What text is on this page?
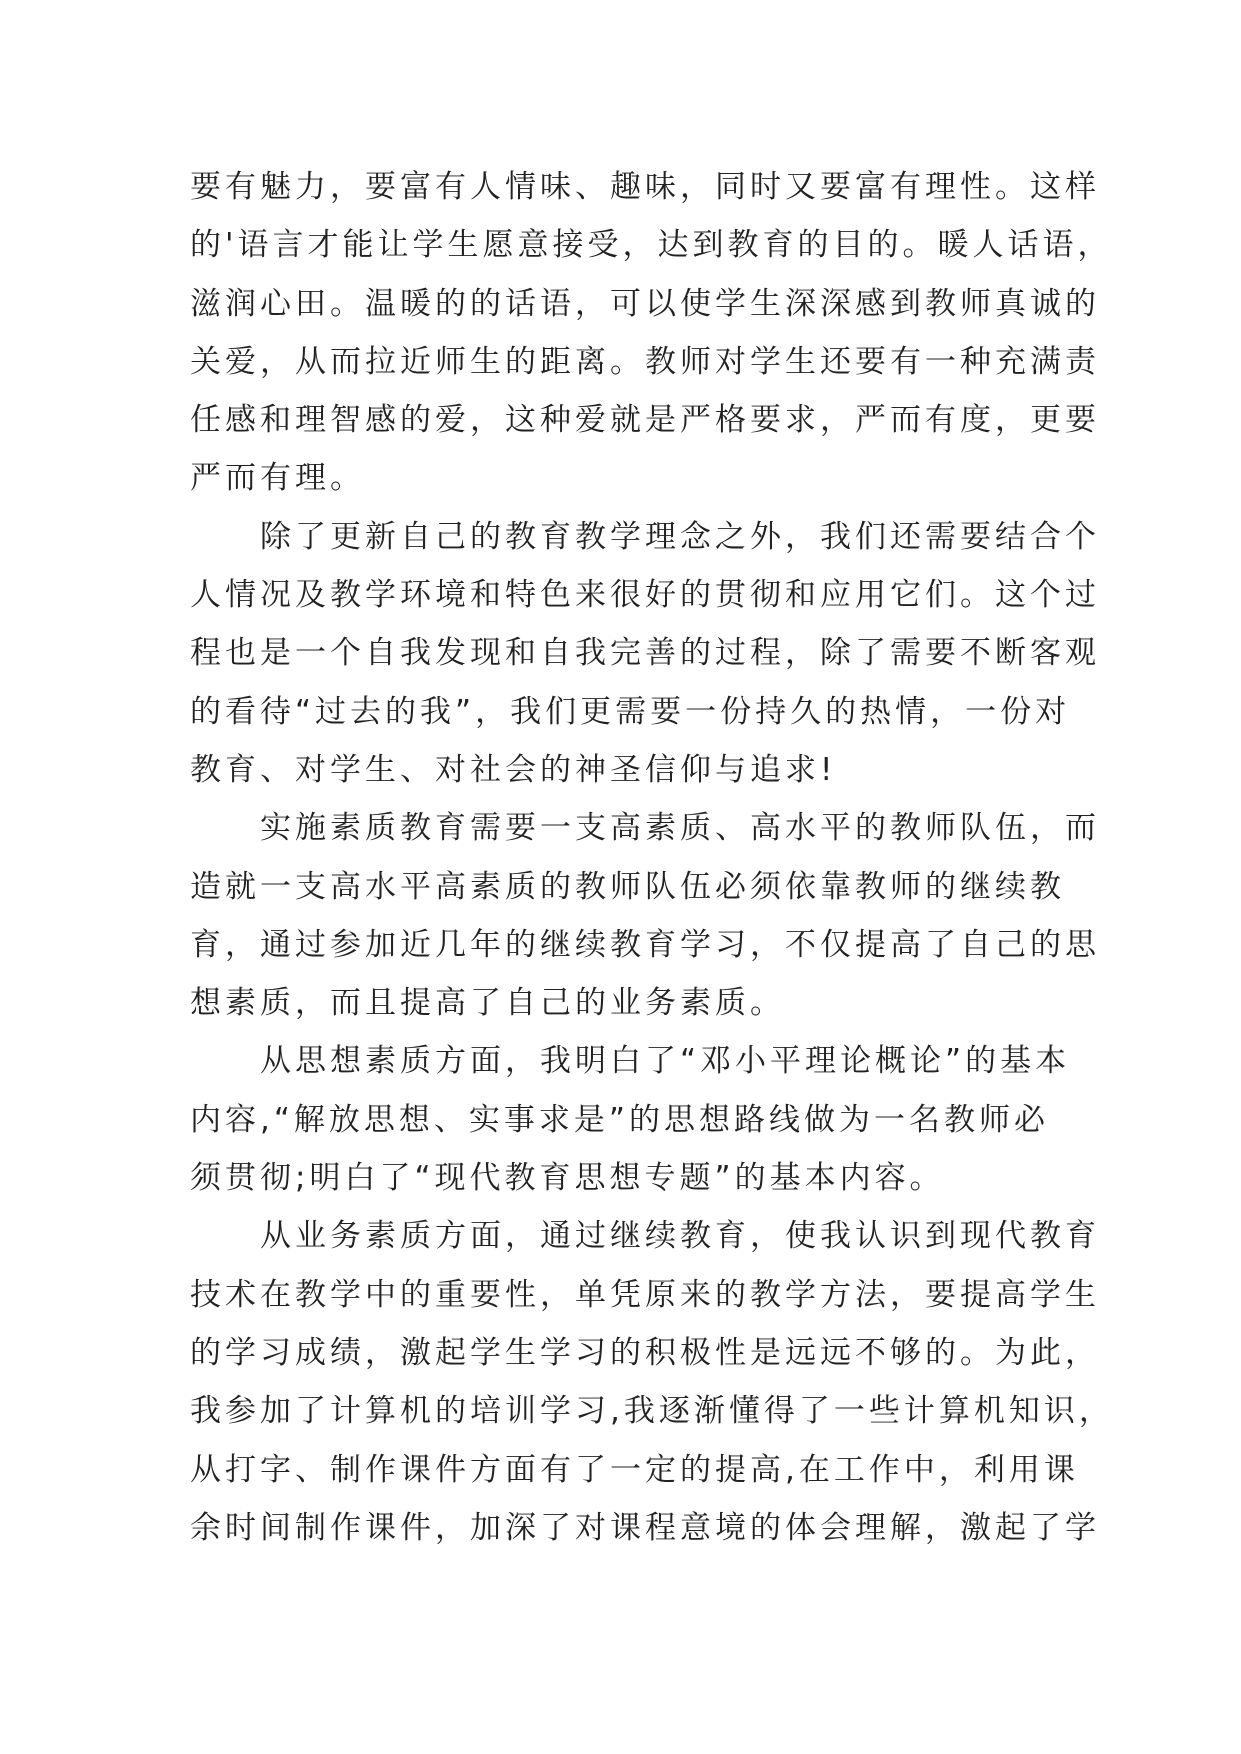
要有魅力，要富有人情味、趣味，同时又要富有理性。这样
的'语言才能让学生愿意接受，达到教育的目的。暖人话语，
滋润心田。温暖的的话语，可以使学生深深感到教师真诚的
关爱，从而拉近师生的距离。教师对学生还要有一种充满责
任感和理智感的爱，这种爱就是严格要求，严而有度，更要
严而有理。
除了更新自己的教育教学理念之外，我们还需要结合个
人情况及教学环境和特色来很好的贯彻和应用它们。这个过
程也是一个自我发现和自我完善的过程，除了需要不断客观
的看待“过去的我”，我们更需要一份持久的热情，一份对
教育、对学生、对社会的神圣信仰与追求!
实施素质教育需要一支高素质、高水平的教师队伍，而
造就一支高水平高素质的教师队伍必须依靠教师的继续教
育，通过参加近几年的继续教育学习，不仅提高了自己的思
想素质，而且提高了自己的业务素质。
从思想素质方面，我明白了“邓小平理论概论”的基本
内容,“解放思想、实事求是”的思想路线做为一名教师必
须贯彻;明白了“现代教育思想专题”的基本内容。
从业务素质方面，通过继续教育，使我认识到现代教育
技术在教学中的重要性，单凭原来的教学方法，要提高学生
的学习成绩，激起学生学习的积极性是远远不够的。为此，
我参加了计算机的培训学习,我逐渐懂得了一些计算机知识，
从打字、制作课件方面有了一定的提高,在工作中，利用课
余时间制作课件，加深了对课程意境的体会理解，激起了学
